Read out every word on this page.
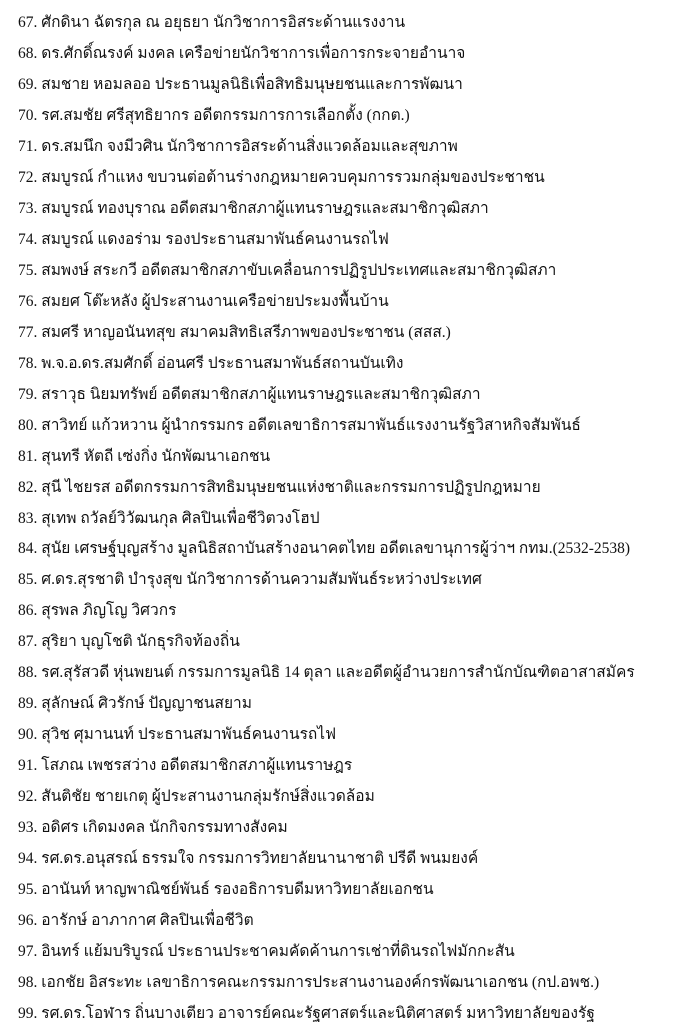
67. ศักดินา ฉัตรกุล ณ อยุธยา นักวิชาการอิสระด้านแรงงาน
68. ดร.ศักดิ์ณรงค์ มงคล เครือข่ายนักวิชาการเพื่อการกระจายอำนาจ
69. สมชาย หอมลออ ประธานมูลนิธิเพื่อสิทธิมนุษยชนและการพัฒนา
70. รศ.สมชัย ศรีสุทธิยากร อดีตกรรมการการเลือกตั้ง (กกต.)
71. ดร.สมนึก จงมีวศิน นักวิชาการอิสระด้านสิ่งแวดล้อมและสุขภาพ
72. สมบูรณ์ กำแหง ขบวนต่อต้านร่างกฎหมายควบคุมการรวมกลุ่มของประชาชน
73. สมบูรณ์ ทองบุราณ อดีตสมาชิกสภาผู้แทนราษฎรและสมาชิกวุฒิสภา
74. สมบูรณ์ แดงอร่าม รองประธานสมาพันธ์คนงานรถไฟ
75. สมพงษ์ สระกวี อดีตสมาชิกสภาขับเคลื่อนการปฏิรูปประเทศและสมาชิกวุฒิสภา
76. สมยศ โต๊ะหลัง ผู้ประสานงานเครือข่ายประมงพื้นบ้าน
77. สมศรี หาญอนันทสุข สมาคมสิทธิเสรีภาพของประชาชน (สสส.)
78. พ.จ.อ.ดร.สมศักดิ์ อ่อนศรี ประธานสมาพันธ์สถานบันเทิง
79. สราวุธ นิยมทรัพย์ อดีตสมาชิกสภาผู้แทนราษฎรและสมาชิกวุฒิสภา
80. สาวิทย์ แก้วหวาน ผู้นำกรรมกร อดีตเลขาธิการสมาพันธ์แรงงานรัฐวิสาหกิจสัมพันธ์
81. สุนทรี หัตถี เซ่งกิ่ง นักพัฒนาเอกชน
82. สุนี ไชยรส อดีตกรรมการสิทธิมนุษยชนแห่งชาติและกรรมการปฏิรูปกฎหมาย
83. สุเทพ ถวัลย์วิวัฒนกุล ศิลปินเพื่อชีวิตวงโฮป
84. สุนัย เศรษฐ์บุญสร้าง มูลนิธิสถาบันสร้างอนาคตไทย อดีตเลขานุการผู้ว่าฯ กทม.(2532-2538)
85. ศ.ดร.สุรชาติ บำรุงสุข นักวิชาการด้านความสัมพันธ์ระหว่างประเทศ
86. สุรพล ภิญโญ วิศวกร
87. สุริยา บุญโชติ นักธุรกิจท้องถิ่น
88. รศ.สุรัสวดี หุ่นพยนต์ กรรมการมูลนิธิ 14 ตุลา และอดีตผู้อำนวยการสำนักบัณฑิตอาสาสมัคร
89. สุลักษณ์ ศิวรักษ์ ปัญญาชนสยาม
90. สุวิช ศุมานนท์ ประธานสมาพันธ์คนงานรถไฟ
91. โสภณ เพชรสว่าง อดีตสมาชิกสภาผู้แทนราษฎร
92. สันติชัย ชายเกตุ ผู้ประสานงานกลุ่มรักษ์สิ่งแวดล้อม
93. อดิศร เกิดมงคล นักกิจกรรมทางสังคม
94. รศ.ดร.อนุสรณ์ ธรรมใจ กรรมการวิทยาลัยนานาชาติ ปรีดี พนมยงค์
95. อานันท์ หาญพาณิชย์พันธ์ รองอธิการบดีมหาวิทยาลัยเอกชน
96. อารักษ์ อาภากาศ ศิลปินเพื่อชีวิต
97. อินทร์ แย้มบริบูรณ์ ประธานประชาคมคัดค้านการเช่าที่ดินรถไฟมักกะสัน
98. เอกชัย อิสระทะ เลขาธิการคณะกรรมการประสานงานองค์กรพัฒนาเอกชน (กป.อพช.)
99. รศ.ดร.โอฬาร ถิ่นบางเตียว อาจารย์คณะรัฐศาสตร์และนิติศาสตร์ มหาวิทยาลัยของรัฐ
